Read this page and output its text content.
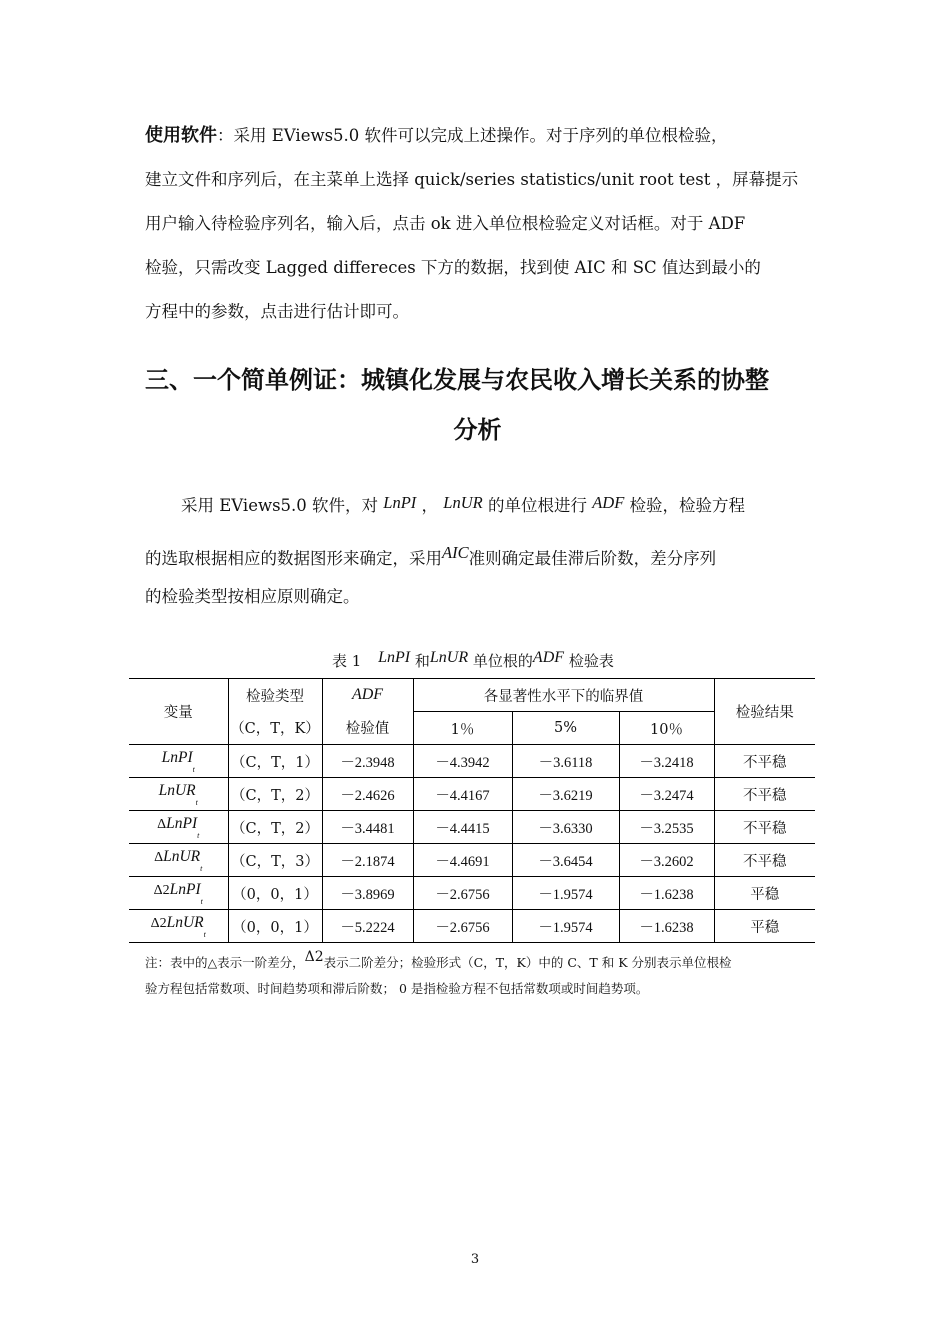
使用软件：采用 EViews5.0 软件可以完成上述操作。对于序列的单位根检验，
建立文件和序列后，在主菜单上选择 quick/series statistics/unit root test ，屏幕提示
用户输入待检验序列名，输入后，点击 ok 进入单位根检验定义对话框。对于 ADF
检验，只需改变 Lagged differeces 下方的数据，找到使 AIC 和 SC 值达到最小的
方程中的参数，点击进行估计即可。
三、一个简单例证：城镇化发展与农民收入增长关系的协整
分析
采用 EViews5.0 软件，对 LnPI ， LnUR 的单位根进行 ADF 检验，检验方程
的选取根据相应的数据图形来确定，采用AIC准则确定最佳滞后阶数，差分序列
的检验类型按相应原则确定。
表 1 LnPI 和LnUR 单位根的ADF 检验表
变量	检验类型	ADF	各显著性水平下的临界值			检验结果
	（C，T，K）	检验值	1％	5%	10％	
LnPI$_t$	（C，T，1）	－2.3948	－4.3942	－3.6118	－3.2418	不平稳
LnUR$_t$	（C，T，2）	－2.4626	－4.4167	－3.6219	－3.2474	不平稳
ΔLnPI$_t$	（C，T，2）	－3.4481	－4.4415	－3.6330	－3.2535	不平稳
ΔLnUR$_t$	（C，T，3）	－2.1874	－4.4691	－3.6454	－3.2602	不平稳
Δ2LnPI$_t$	（0，0，1）	－3.8969	－2.6756	－1.9574	－1.6238	平稳
Δ2LnUR$_t$	（0，0，1）	－5.2224	－2.6756	－1.9574	－1.6238	平稳
注：表中的△表示一阶差分，Δ2表示二阶差分；检验形式（C，T，K）中的 C、T 和 K 分别表示单位根检
验方程包括常数项、时间趋势项和滞后阶数； 0 是指检验方程不包括常数项或时间趋势项。
3
